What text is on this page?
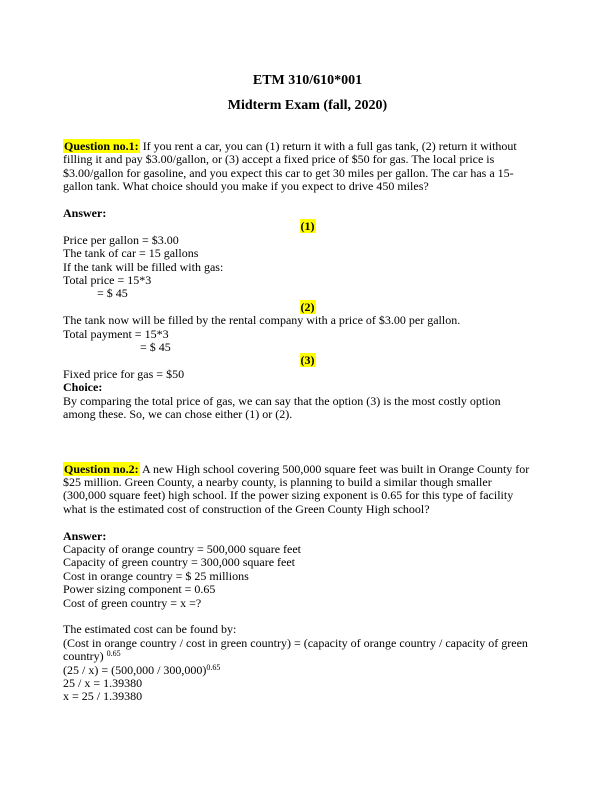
ETM 310/610*001
Midterm Exam (fall, 2020)
Question no.1: If you rent a car, you can (1) return it with a full gas tank, (2) return it without
filling it and pay $3.00/gallon, or (3) accept a fixed price of $50 for gas. The local price is
$3.00/gallon for gasoline, and you expect this car to get 30 miles per gallon. The car has a 15-
gallon tank. What choice should you make if you expect to drive 450 miles?
Answer:
(1)
Price per gallon = $3.00
The tank of car = 15 gallons
If the tank will be filled with gas:
Total price = 15*3
= $ 45
(2)
The tank now will be filled by the rental company with a price of $3.00 per gallon.
Total payment = 15*3
= $ 45
(3)
Fixed price for gas = $50
Choice:
By comparing the total price of gas, we can say that the option (3) is the most costly option
among these. So, we can chose either (1) or (2).
Question no.2: A new High school covering 500,000 square feet was built in Orange County for
$25 million. Green County, a nearby county, is planning to build a similar though smaller
(300,000 square feet) high school. If the power sizing exponent is 0.65 for this type of facility
what is the estimated cost of construction of the Green County High school?
Answer:
Capacity of orange country = 500,000 square feet
Capacity of green country = 300,000 square feet
Cost in orange country = $ 25 millions
Power sizing component = 0.65
Cost of green country = x =?
The estimated cost can be found by:
(Cost in orange country / cost in green country) = (capacity of orange country / capacity of green
country) $^{0.65}$
(25 / x) = (500,000 / 300,000)$^{0.65}$
25 / x = 1.39380
x = 25 / 1.39380
